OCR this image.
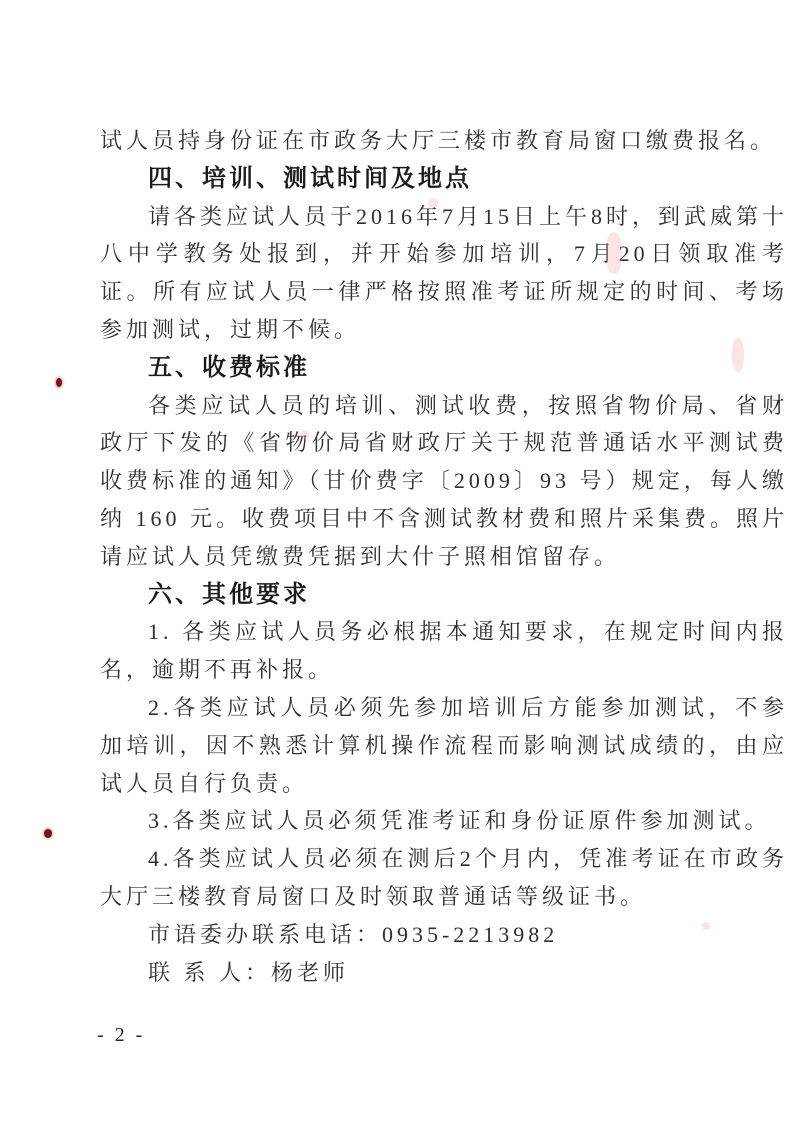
试人员持身份证在市政务大厅三楼市教育局窗口缴费报名。

四、培训、测试时间及地点

请各类应试人员于2016年7月15日上午8时，到武威第十八中学教务处报到，并开始参加培训，7月20日领取准考证。所有应试人员一律严格按照准考证所规定的时间、考场参加测试，过期不候。

五、收费标准

各类应试人员的培训、测试收费，按照省物价局、省财政厅下发的《省物价局省财政厅关于规范普通话水平测试费收费标准的通知》（甘价费字〔2009〕93 号）规定，每人缴纳 160 元。收费项目中不含测试教材费和照片采集费。照片请应试人员凭缴费凭据到大什子照相馆留存。

六、其他要求

1. 各类应试人员务必根据本通知要求，在规定时间内报名，逾期不再补报。

2.各类应试人员必须先参加培训后方能参加测试，不参加培训，因不熟悉计算机操作流程而影响测试成绩的，由应试人员自行负责。

3.各类应试人员必须凭准考证和身份证原件参加测试。

4.各类应试人员必须在测后2个月内，凭准考证在市政务大厅三楼教育局窗口及时领取普通话等级证书。

市语委办联系电话：0935-2213982

联 系 人：杨老师

- 2 -
